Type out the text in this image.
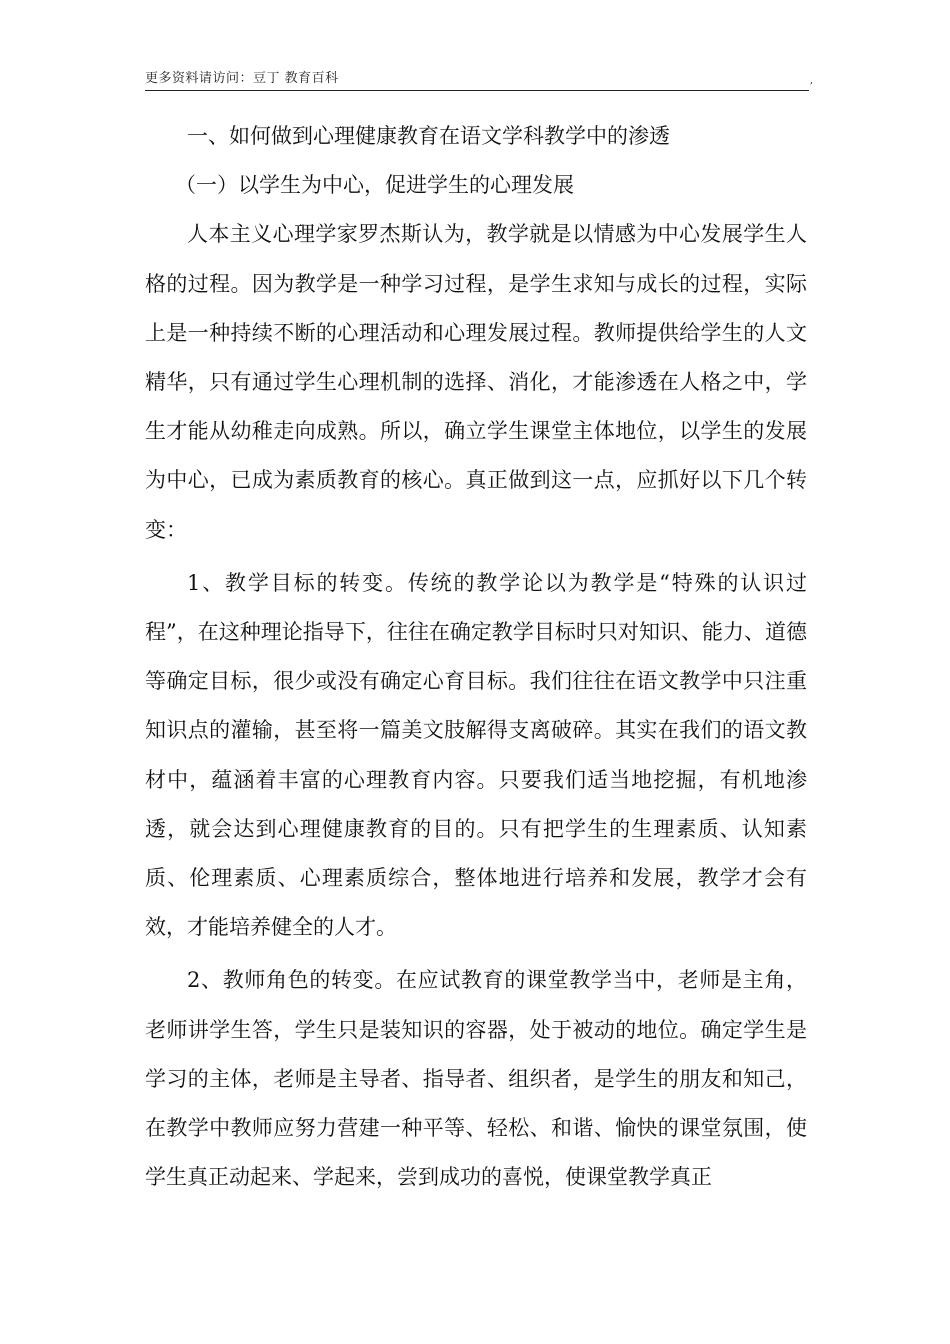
更多资料请访问：豆丁 教育百科	,

一、如何做到心理健康教育在语文学科教学中的渗透

（一）以学生为中心，促进学生的心理发展

人本主义心理学家罗杰斯认为，教学就是以情感为中心发展学生人格的过程。因为教学是一种学习过程，是学生求知与成长的过程，实际上是一种持续不断的心理活动和心理发展过程。教师提供给学生的人文精华，只有通过学生心理机制的选择、消化，才能渗透在人格之中，学生才能从幼稚走向成熟。所以，确立学生课堂主体地位，以学生的发展为中心，已成为素质教育的核心。真正做到这一点，应抓好以下几个转变：

1、教学目标的转变。传统的教学论以为教学是“特殊的认识过程”，在这种理论指导下，往往在确定教学目标时只对知识、能力、道德等确定目标，很少或没有确定心育目标。我们往往在语文教学中只注重知识点的灌输，甚至将一篇美文肢解得支离破碎。其实在我们的语文教材中，蕴涵着丰富的心理教育内容。只要我们适当地挖掘，有机地渗透，就会达到心理健康教育的目的。只有把学生的生理素质、认知素质、伦理素质、心理素质综合，整体地进行培养和发展，教学才会有效，才能培养健全的人才。

2、教师角色的转变。在应试教育的课堂教学当中，老师是主角，老师讲学生答，学生只是装知识的容器，处于被动的地位。确定学生是学习的主体，老师是主导者、指导者、组织者，是学生的朋友和知己，在教学中教师应努力营建一种平等、轻松、和谐、愉快的课堂氛围，使学生真正动起来、学起来，尝到成功的喜悦，使课堂教学真正
